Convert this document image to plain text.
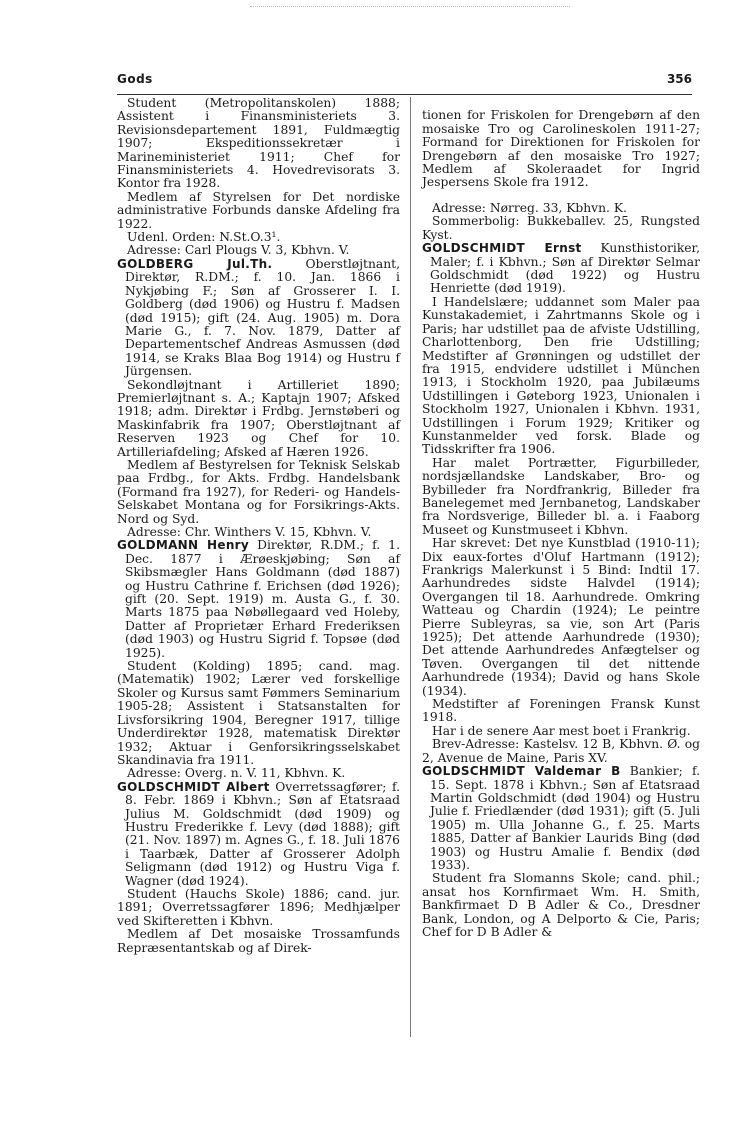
Gods	356

Student (Metropolitanskolen) 1888; Assistent i Finansministeriets 3. Revisionsdepartement 1891, Fuldmægtig 1907; Ekspeditionssekretær i Marineministeriet 1911; Chef for Finansministeriets 4. Hovedrevisorats 3. Kontor fra 1928.

Medlem af Styrelsen for Det nordiske administrative Forbunds danske Afdeling fra 1922.

Udenl. Orden: N.St.O.3¹.

Adresse: Carl Plougs V. 3, Kbhvn. V.

GOLDBERG Jul.Th. Oberstløjtnant, Direktør, R.DM.; f. 10. Jan. 1866 i Nykjøbing F.; Søn af Grosserer I. I. Goldberg (død 1906) og Hustru f. Madsen (død 1915); gift (24. Aug. 1905) m. Dora Marie G., f. 7. Nov. 1879, Datter af Departementschef Andreas Asmussen (død 1914, se Kraks Blaa Bog 1914) og Hustru f Jürgensen.

Sekondløjtnant i Artilleriet 1890; Premierløjtnant s. A.; Kaptajn 1907; Afsked 1918; adm. Direktør i Frdbg. Jernstøberi og Maskinfabrik fra 1907; Oberstløjtnant af Reserven 1923 og Chef for 10. Artilleriafdeling; Afsked af Hæren 1926.

Medlem af Bestyrelsen for Teknisk Selskab paa Frdbg., for Akts. Frdbg. Handelsbank (Formand fra 1927), for Rederi- og Handels-Selskabet Montana og for Forsikrings-Akts. Nord og Syd.

Adresse: Chr. Winthers V. 15, Kbhvn. V.

GOLDMANN Henry Direktør, R.DM.; f. 1. Dec. 1877 i Ærøeskjøbing; Søn af Skibsmægler Hans Goldmann (død 1887) og Hustru Cathrine f. Erichsen (død 1926); gift (20. Sept. 1919) m. Austa G., f. 30. Marts 1875 paa Nøbøllegaard ved Holeby, Datter af Proprietær Erhard Frederiksen (død 1903) og Hustru Sigrid f. Topsøe (død 1925).

Student (Kolding) 1895; cand. mag. (Matematik) 1902; Lærer ved forskellige Skoler og Kursus samt Fømmers Seminarium 1905-28; Assistent i Statsanstalten for Livsforsikring 1904, Beregner 1917, tillige Underdirektør 1928, matematisk Direktør 1932; Aktuar i Genforsikringsselskabet Skandinavia fra 1911.

Adresse: Overg. n. V. 11, Kbhvn. K.

GOLDSCHMIDT Albert Overretssagfører; f. 8. Febr. 1869 i Kbhvn.; Søn af Etatsraad Julius M. Goldschmidt (død 1909) og Hustru Frederikke f. Levy (død 1888); gift (21. Nov. 1897) m. Agnes G., f. 18. Juli 1876 i Taarbæk, Datter af Grosserer Adolph Seligmann (død 1912) og Hustru Viga f. Wagner (død 1924).

Student (Hauchs Skole) 1886; cand. jur. 1891; Overretssagfører 1896; Medhjælper ved Skifteretten i Kbhvn.

Medlem af Det mosaiske Trossamfunds Repræsentantskab og af Direk-

tionen for Friskolen for Drengebørn af den mosaiske Tro og Carolineskolen 1911-27; Formand for Direktionen for Friskolen for Drengebørn af den mosaiske Tro 1927; Medlem af Skoleraadet for Ingrid Jespersens Skole fra 1912.

Adresse: Nørreg. 33, Kbhvn. K.

Sommerbolig: Bukkeballev. 25, Rungsted Kyst.

GOLDSCHMIDT Ernst Kunsthistoriker, Maler; f. i Kbhvn.; Søn af Direktør Selmar Goldschmidt (død 1922) og Hustru Henriette (død 1919).

I Handelslære; uddannet som Maler paa Kunstakademiet, i Zahrtmanns Skole og i Paris; har udstillet paa de afviste Udstilling, Charlottenborg, Den frie Udstilling; Medstifter af Grønningen og udstillet der fra 1915, endvidere udstillet i München 1913, i Stockholm 1920, paa Jubilæums Udstillingen i Gøteborg 1923, Unionalen i Stockholm 1927, Unionalen i Kbhvn. 1931, Udstillingen i Forum 1929; Kritiker og Kunstanmelder ved forsk. Blade og Tidsskrifter fra 1906.

Har malet Portrætter, Figurbilleder, nordsjællandske Landskaber, Bro- og Bybilleder fra Nordfrankrig, Billeder fra Banelegemet med Jernbanetog, Landskaber fra Nordsverige, Billeder bl. a. i Faaborg Museet og Kunstmuseet i Kbhvn.

Har skrevet: Det nye Kunstblad (1910-11); Dix eaux-fortes d'Oluf Hartmann (1912); Frankrigs Malerkunst i 5 Bind: Indtil 17. Aarhundredes sidste Halvdel (1914); Overgangen til 18. Aarhundrede. Omkring Watteau og Chardin (1924); Le peintre Pierre Subleyras, sa vie, son Art (Paris 1925); Det attende Aarhundrede (1930); Det attende Aarhundredes Anfægtelser og Tøven. Overgangen til det nittende Aarhundrede (1934); David og hans Skole (1934).

Medstifter af Foreningen Fransk Kunst 1918.

Har i de senere Aar mest boet i Frankrig.

Brev-Adresse: Kastelsv. 12 B, Kbhvn. Ø. og 2, Avenue de Maine, Paris XV.

GOLDSCHMIDT Valdemar B Bankier; f. 15. Sept. 1878 i Kbhvn.; Søn af Etatsraad Martin Goldschmidt (død 1904) og Hustru Julie f. Friedlænder (død 1931); gift (5. Juli 1905) m. Ulla Johanne G., f. 25. Marts 1885, Datter af Bankier Laurids Bing (død 1903) og Hustru Amalie f. Bendix (død 1933).

Student fra Slomanns Skole; cand. phil.; ansat hos Kornfirmaet Wm. H. Smith, Bankfirmaet D B Adler & Co., Dresdner Bank, London, og A Delporto & Cie, Paris; Chef for D B Adler &
